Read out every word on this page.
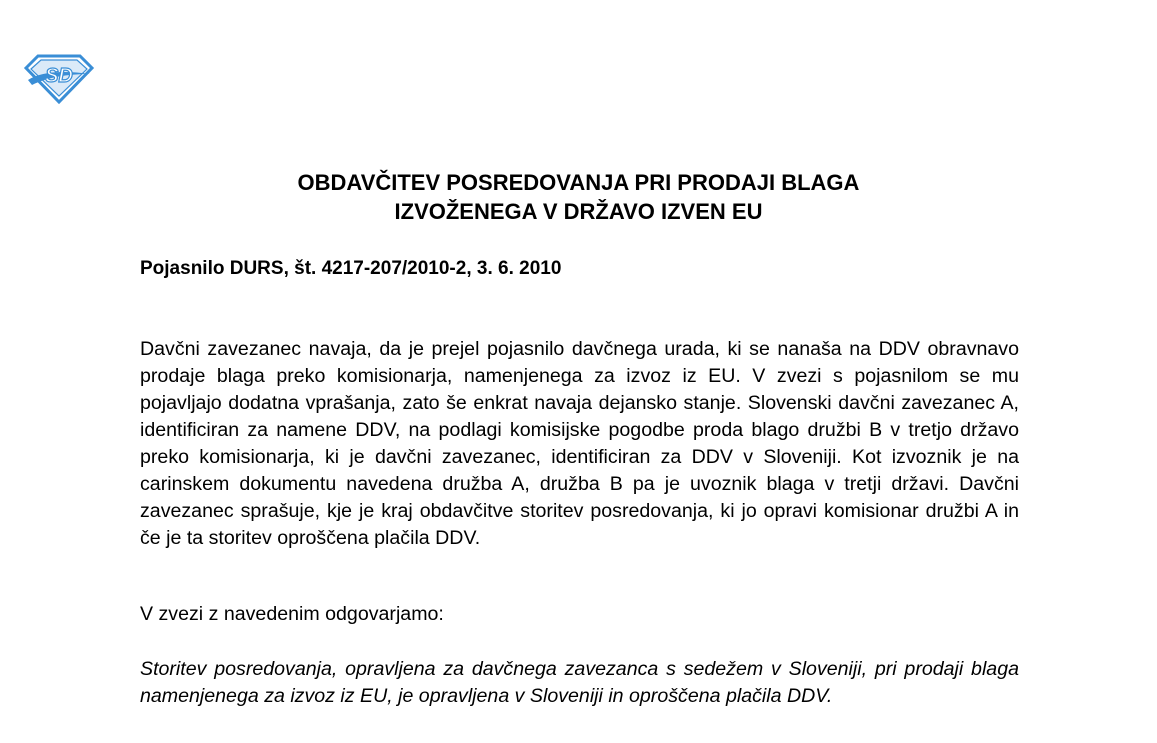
SD
OBDAVČITEV POSREDOVANJA PRI PRODAJI BLAGA
IZVOŽENEGA V DRŽAVO IZVEN EU
Pojasnilo DURS, št. 4217-207/2010-2, 3. 6. 2010

Davčni zavezanec navaja, da je prejel pojasnilo davčnega urada, ki se nanaša na DDV obravnavo prodaje blaga preko komisionarja, namenjenega za izvoz iz EU. V zvezi s pojasnilom se mu pojavljajo dodatna vprašanja, zato še enkrat navaja dejansko stanje. Slovenski davčni zavezanec A, identificiran za namene DDV, na podlagi komisijske pogodbe proda blago družbi B v tretjo državo preko komisionarja, ki je davčni zavezanec, identificiran za DDV v Sloveniji. Kot izvoznik je na carinskem dokumentu navedena družba A, družba B pa je uvoznik blaga v tretji državi. Davčni zavezanec sprašuje, kje je kraj obdavčitve storitev posredovanja, ki jo opravi komisionar družbi A in če je ta storitev oproščena plačila DDV.

V zvezi z navedenim odgovarjamo:

Storitev posredovanja, opravljena za davčnega zavezanca s sedežem v Sloveniji, pri prodaji blaga namenjenega za izvoz iz EU, je opravljena v Sloveniji in oproščena plačila DDV.
